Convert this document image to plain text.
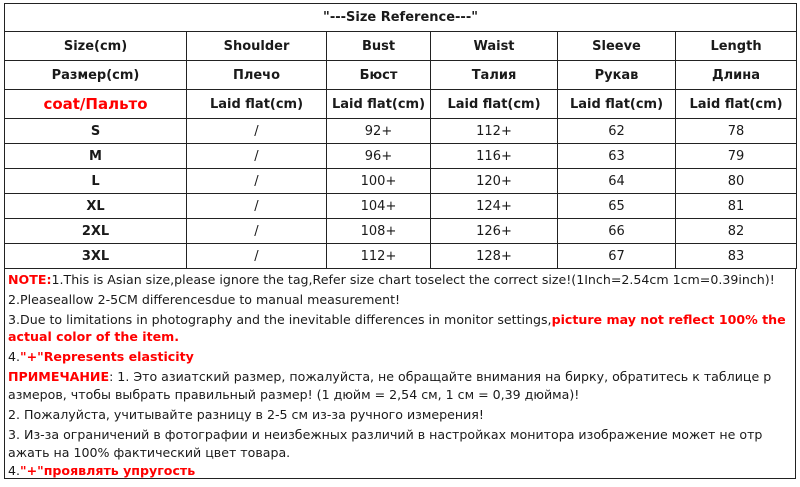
"---Size Reference---"					
Size(cm)	Shoulder	Bust	Waist	Sleeve	Length
Размер(cm)	Плечо	Бюст	Талия	Рукав	Длина
coat/Пальто	Laid flat(cm)	Laid flat(cm)	Laid flat(cm)	Laid flat(cm)	Laid flat(cm)
S	/	92+	112+	62	78
M	/	96+	116+	63	79
L	/	100+	120+	64	80
XL	/	104+	124+	65	81
2XL	/	108+	126+	66	82
3XL	/	112+	128+	67	83
NOTE:1.This is Asian size,please ignore the tag,Refer size chart toselect the correct size!(1Inch=2.54cm 1cm=0.39inch)!
2.Pleaseallow 2-5CM differencesdue to manual measurement!
3.Due to limitations in photography and the inevitable differences in monitor settings,picture may not reflect 100% the
actual color of the item.
4."+"Represents elasticity
ПРИМЕЧАНИЕ: 1. Это азиатский размер, пожалуйста, не обращайте внимания на бирку, обратитесь к таблице р
азмеров, чтобы выбрать правильный размер! (1 дюйм = 2,54 см, 1 см = 0,39 дюйма)!
2. Пожалуйста, учитывайте разницу в 2-5 см из-за ручного измерения!
3. Из-за ограничений в фотографии и неизбежных различий в настройках монитора изображение может не отр
ажать на 100% фактический цвет товара.
4."+"проявлять упругость
